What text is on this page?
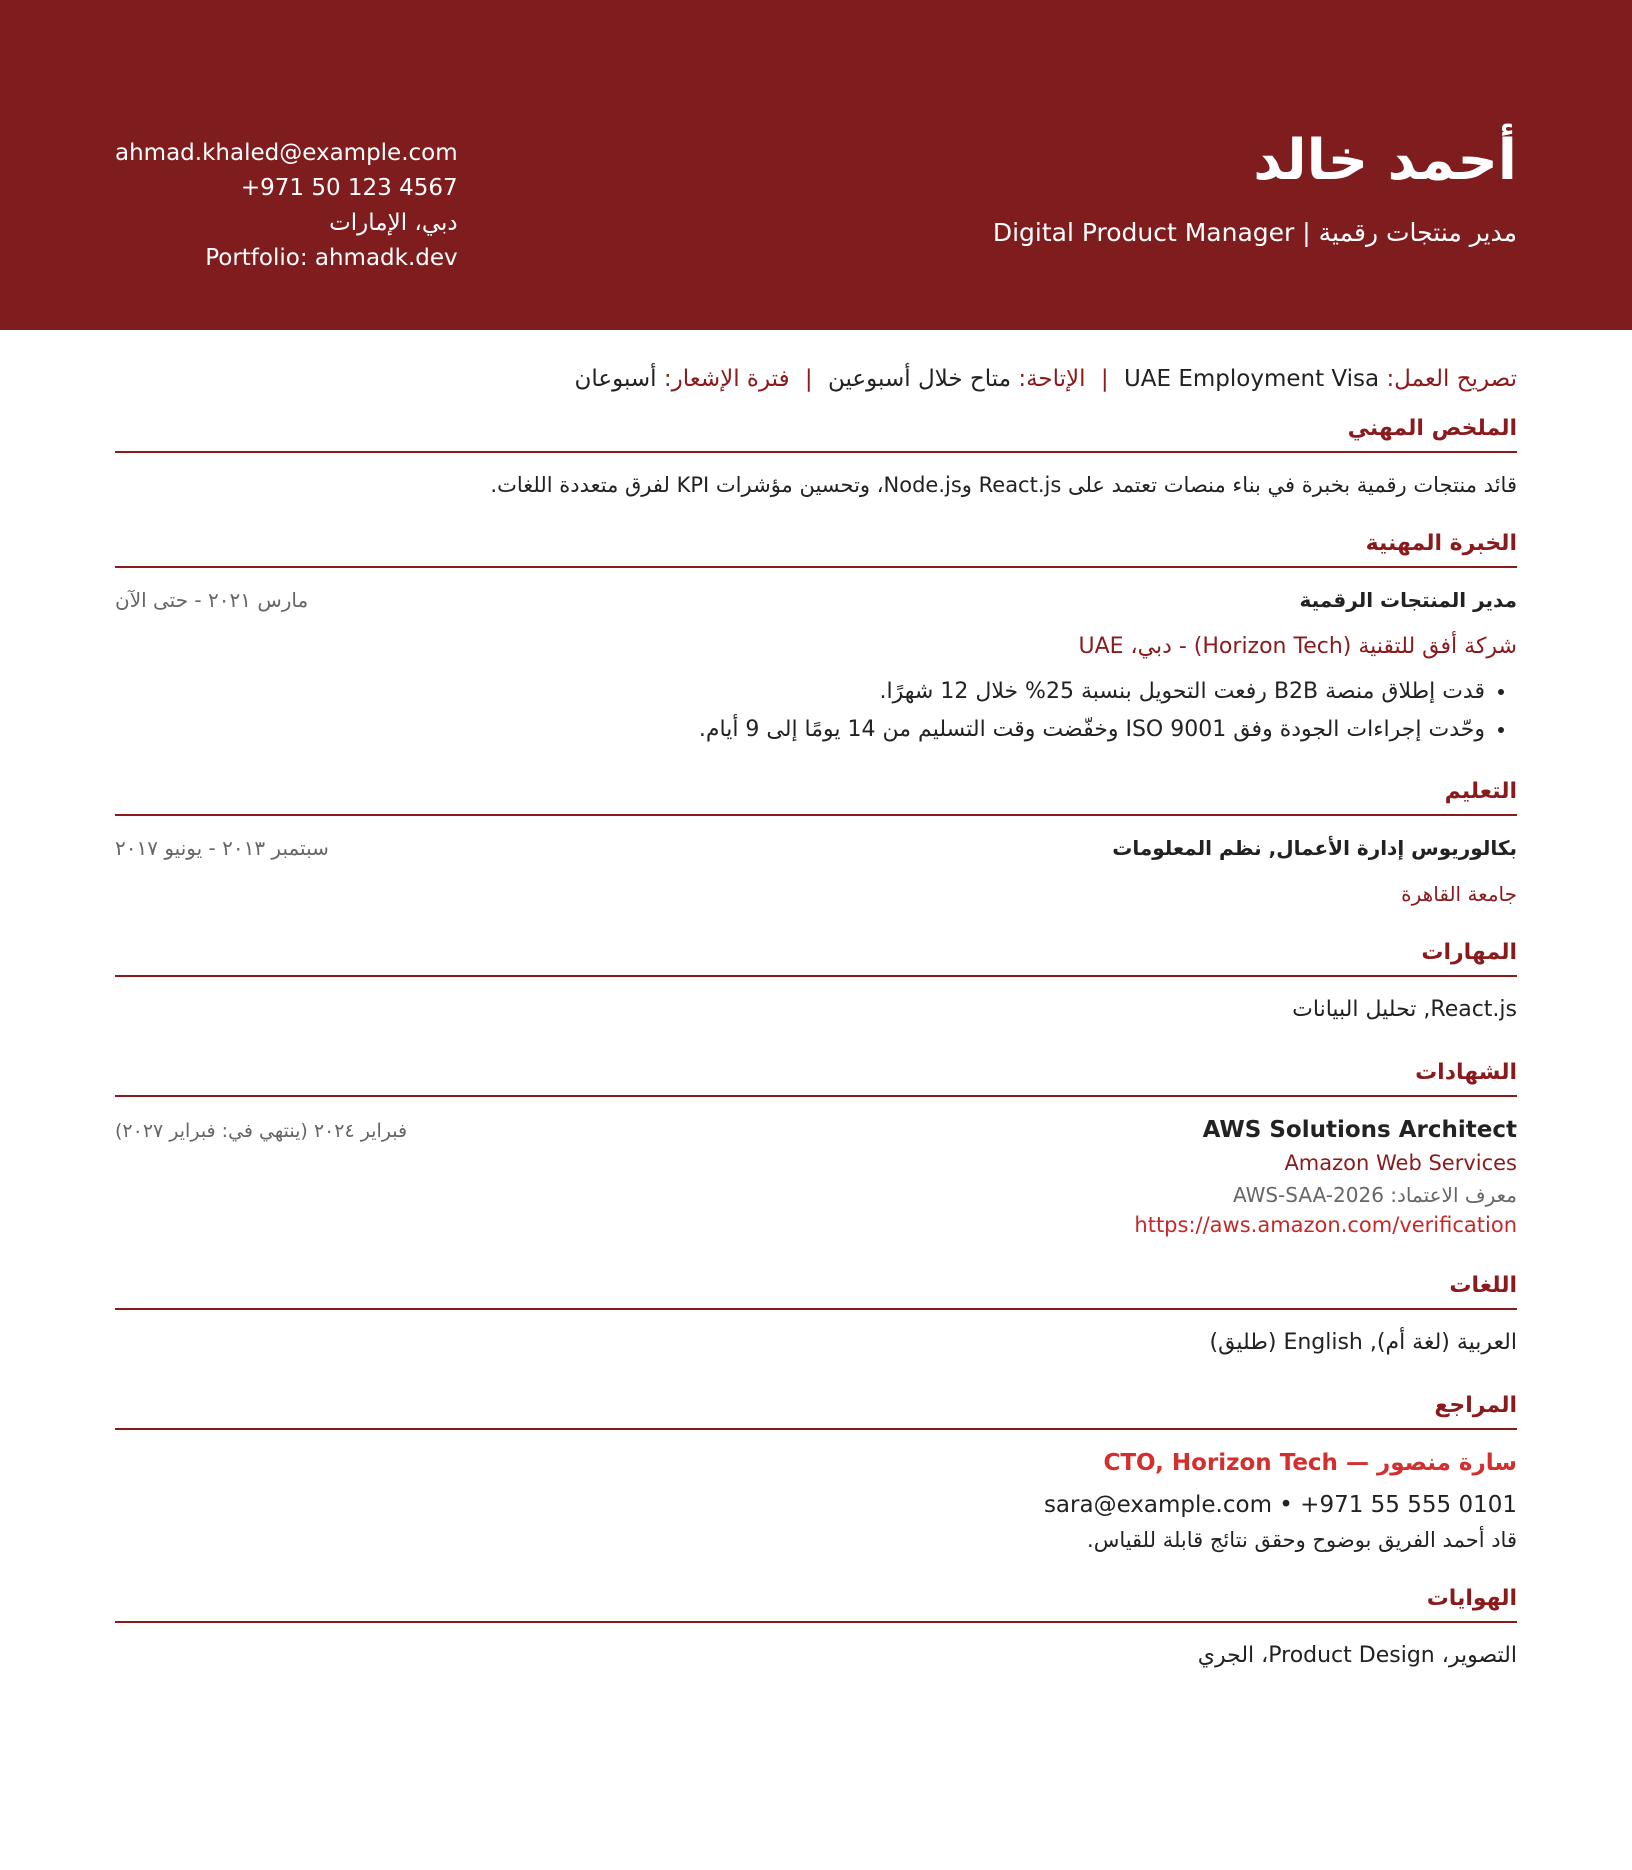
أحمد خالد
مدير منتجات رقمية | Digital Product Manager
ahmad.khaled@example.com
+971 50 123 4567
دبي، الإمارات
Portfolio: ahmadk.dev
تصريح العمل: UAE Employment Visa | الإتاحة: متاح خلال أسبوعين | فترة الإشعار: أسبوعان
الملخص المهني
قائد منتجات رقمية بخبرة في بناء منصات تعتمد على React.js وNode.js، وتحسين مؤشرات KPI لفرق متعددة اللغات.
الخبرة المهنية
مدير المنتجات الرقمية
مارس ٢٠٢١ - حتى الآن
شركة أفق للتقنية (Horizon Tech) - دبي، UAE
• قدت إطلاق منصة B2B رفعت التحويل بنسبة 25% خلال 12 شهرًا.
• وحّدت إجراءات الجودة وفق ISO 9001 وخفّضت وقت التسليم من 14 يومًا إلى 9 أيام.
التعليم
بكالوريوس إدارة الأعمال, نظم المعلومات
سبتمبر ٢٠١٣ - يونيو ٢٠١٧
جامعة القاهرة
المهارات
React.js, تحليل البيانات
الشهادات
AWS Solutions Architect
فبراير ٢٠٢٤ (ينتهي في: فبراير ٢٠٢٧)
Amazon Web Services
معرف الاعتماد: AWS-SAA-2026
https://aws.amazon.com/verification
اللغات
العربية (لغة أم), English (طليق)
المراجع
سارة منصور — CTO, Horizon Tech
sara@example.com • +971 55 555 0101
قاد أحمد الفريق بوضوح وحقق نتائج قابلة للقياس.
الهوايات
التصوير، Product Design، الجري
